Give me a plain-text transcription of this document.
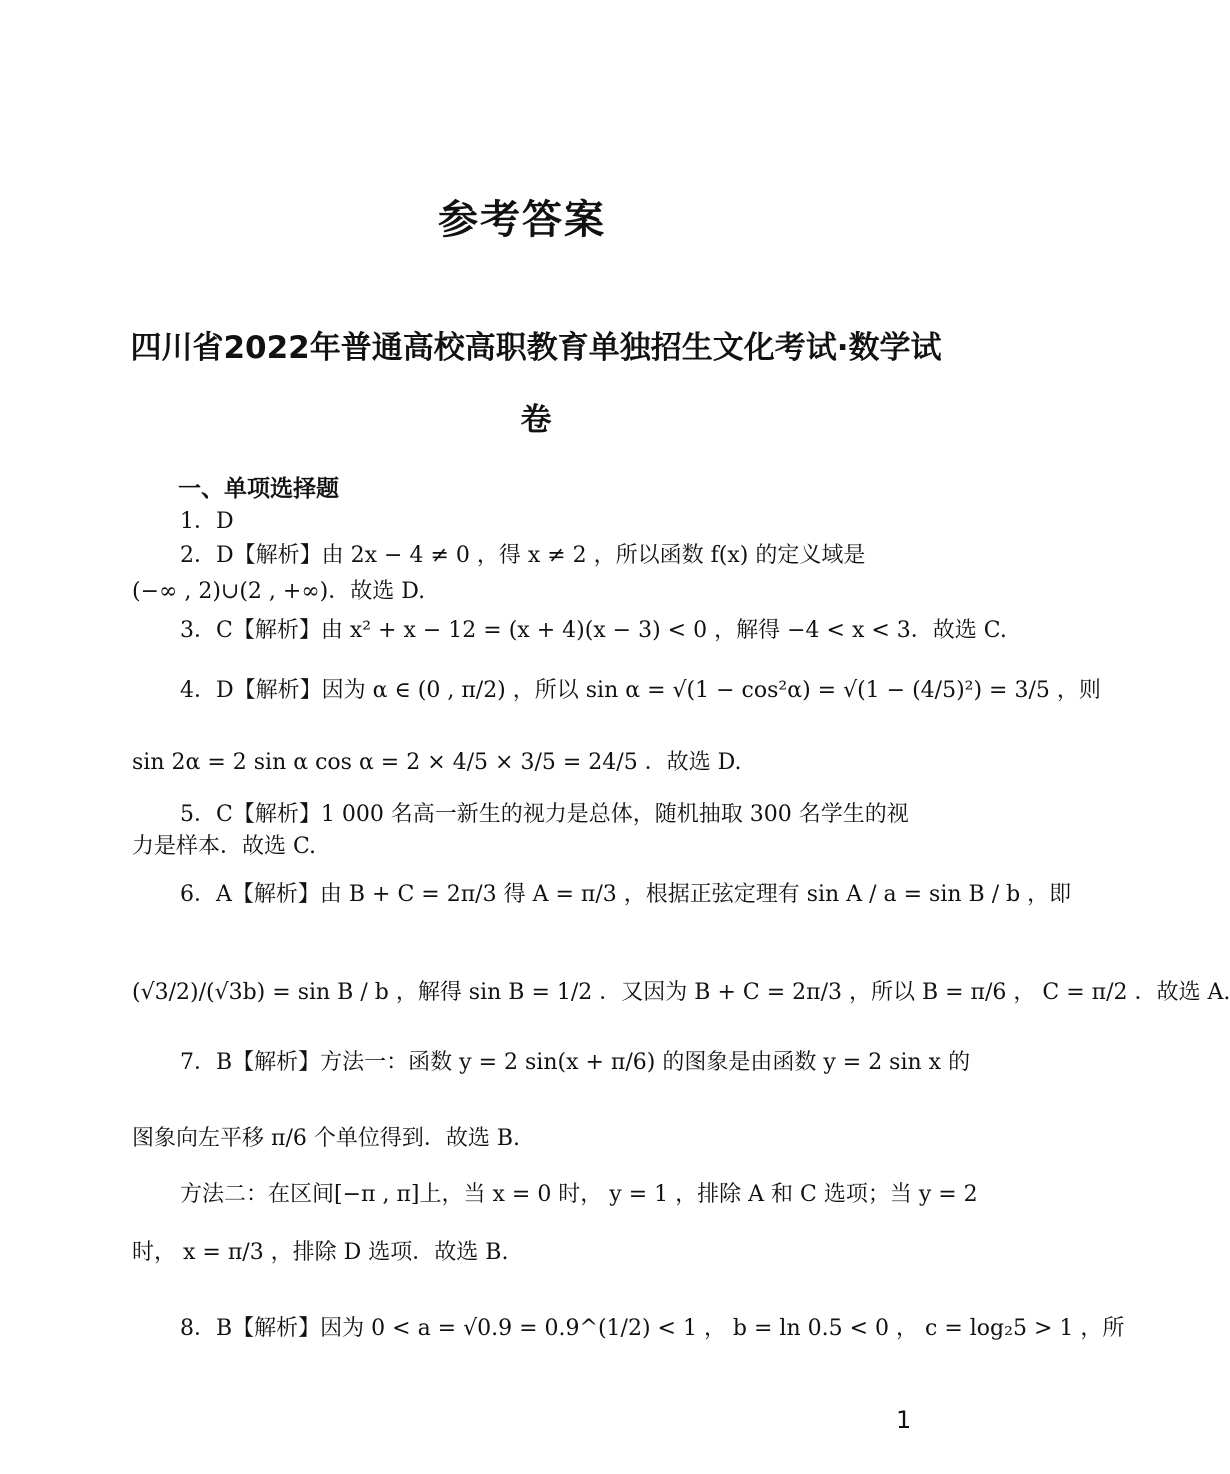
参考答案
四川省2022年普通高校高职教育单独招生文化考试·数学试卷
一、单项选择题
1．D
2．D【解析】由 2x − 4 ≠ 0 ，得 x ≠ 2 ，所以函数 f(x) 的定义域是
(−∞ , 2)∪(2 , +∞)．故选 D.
3．C【解析】由 x² + x − 12 = (x + 4)(x − 3) < 0 ，解得 −4 < x < 3．故选 C.
4．D【解析】因为 α ∈ (0 , π/2) ，所以 sin α = √(1 − cos²α) = √(1 − (4/5)²) = 3/5 ，则
sin 2α = 2 sin α cos α = 2 × 4/5 × 3/5 = 24/5 ．故选 D.
5．C【解析】1 000 名高一新生的视力是总体，随机抽取 300 名学生的视
力是样本．故选 C.
6．A【解析】由 B + C = 2π/3 得 A = π/3 ，根据正弦定理有 sin A / a = sin B / b ，即
(√3/2)/(√3b) = sin B / b ，解得 sin B = 1/2 ．又因为 B + C = 2π/3 ，所以 B = π/6 ， C = π/2 ．故选 A.
7．B【解析】方法一：函数 y = 2 sin(x + π/6) 的图象是由函数 y = 2 sin x 的
图象向左平移 π/6 个单位得到．故选 B.
方法二：在区间[−π , π]上，当 x = 0 时， y = 1 ，排除 A 和 C 选项；当 y = 2
时， x = π/3 ，排除 D 选项．故选 B.
8．B【解析】因为 0 < a = √0.9 = 0.9^(1/2) < 1 ， b = ln 0.5 < 0 ， c = log₂5 > 1 ，所
1
